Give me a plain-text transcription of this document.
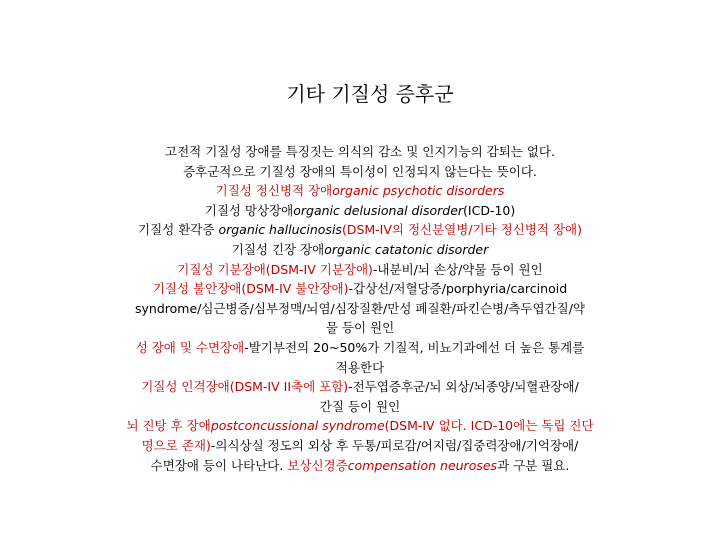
기타 기질성 증후군
고전적 기질성 장애를 특징짓는 의식의 감소 및 인지기능의 감퇴는 없다.
증후군적으로 기질성 장애의 특이성이 인정되지 않는다는 뜻이다.
기질성 정신병적 장애organic psychotic disorders
기질성 망상장애organic delusional disorder(ICD-10)
기질성 환각증 organic hallucinosis(DSM-IV의 정신분열병/기타 정신병적 장애)
기질성 긴장 장애organic catatonic disorder
기질성 기분장애(DSM-IV 기분장애)-내분비/뇌 손상/약물 등이 원인
기질성 불안장애(DSM-IV 불안장애)-갑상선/저혈당증/porphyria/carcinoid
syndrome/심근병증/심부정맥/뇌염/심장질환/만성 폐질환/파킨슨병/측두엽간질/약
물 등이 원인
성 장애 및 수면장애-발기부전의 20~50%가 기질적, 비뇨기과에선 더 높은 통계를
적용한다
기질성 인격장애(DSM-IV II축에 포함)-전두엽증후군/뇌 외상/뇌종양/뇌혈관장애/
간질 등이 원인
뇌 진탕 후 장애postconcussional syndrome(DSM-IV 없다. ICD-10에는 독립 진단
명으로 존재)-의식상실 정도의 외상 후 두통/피로감/어지럼/집중력장애/기억장애/
수면장애 등이 나타난다. 보상신경증compensation neuroses과 구분 필요.
